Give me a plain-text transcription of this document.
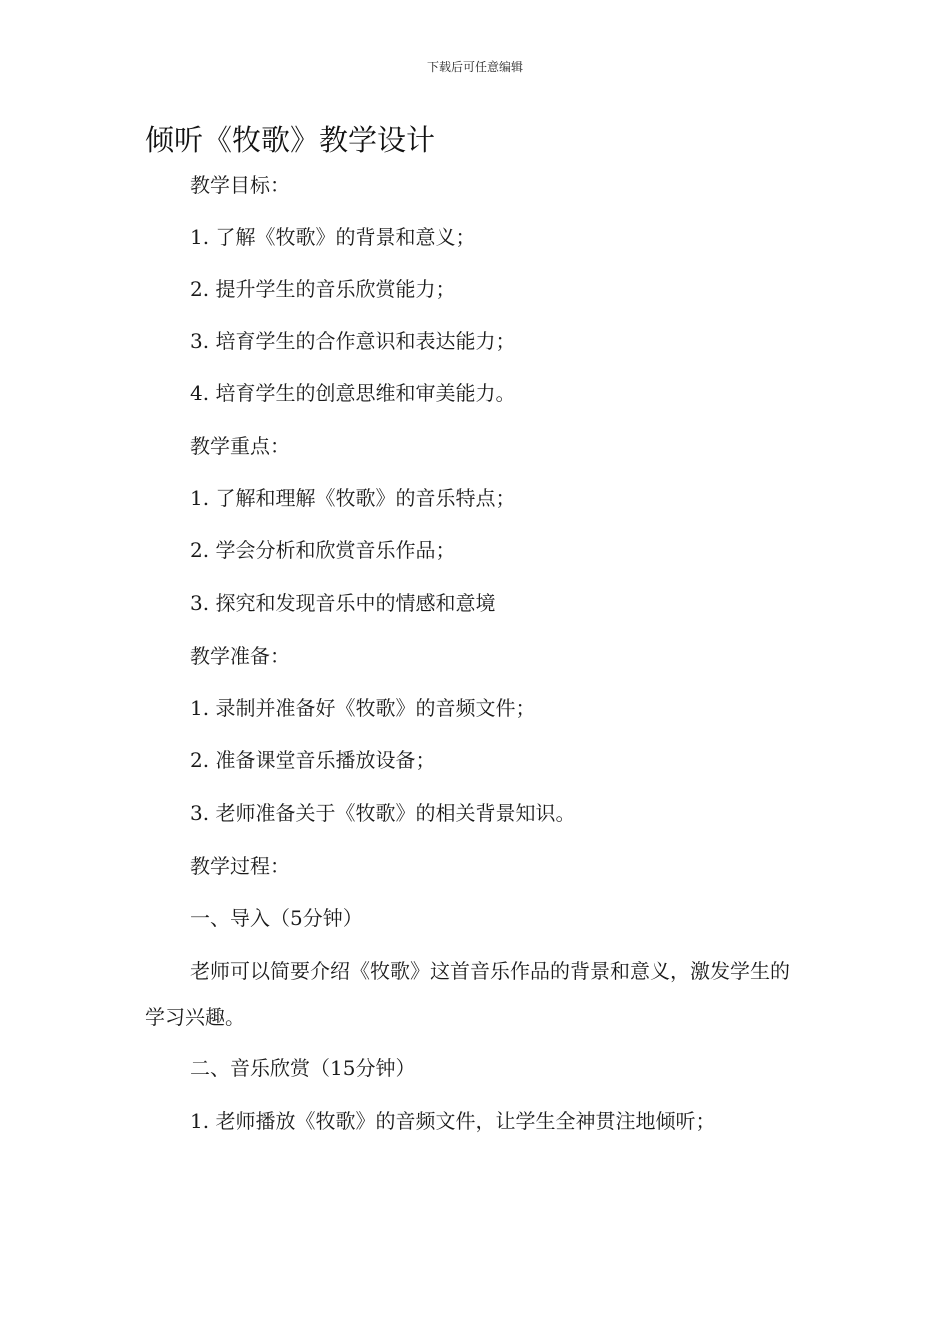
下载后可任意编辑
倾听《牧歌》教学设计
教学目标：
1. 了解《牧歌》的背景和意义；
2. 提升学生的音乐欣赏能力；
3. 培育学生的合作意识和表达能力；
4. 培育学生的创意思维和审美能力。
教学重点：
1. 了解和理解《牧歌》的音乐特点；
2. 学会分析和欣赏音乐作品；
3. 探究和发现音乐中的情感和意境
教学准备：
1. 录制并准备好《牧歌》的音频文件；
2. 准备课堂音乐播放设备；
3. 老师准备关于《牧歌》的相关背景知识。
教学过程：
一、导入（5分钟）
老师可以简要介绍《牧歌》这首音乐作品的背景和意义，激发学生的学习兴趣。
二、音乐欣赏（15分钟）
1. 老师播放《牧歌》的音频文件，让学生全神贯注地倾听；
